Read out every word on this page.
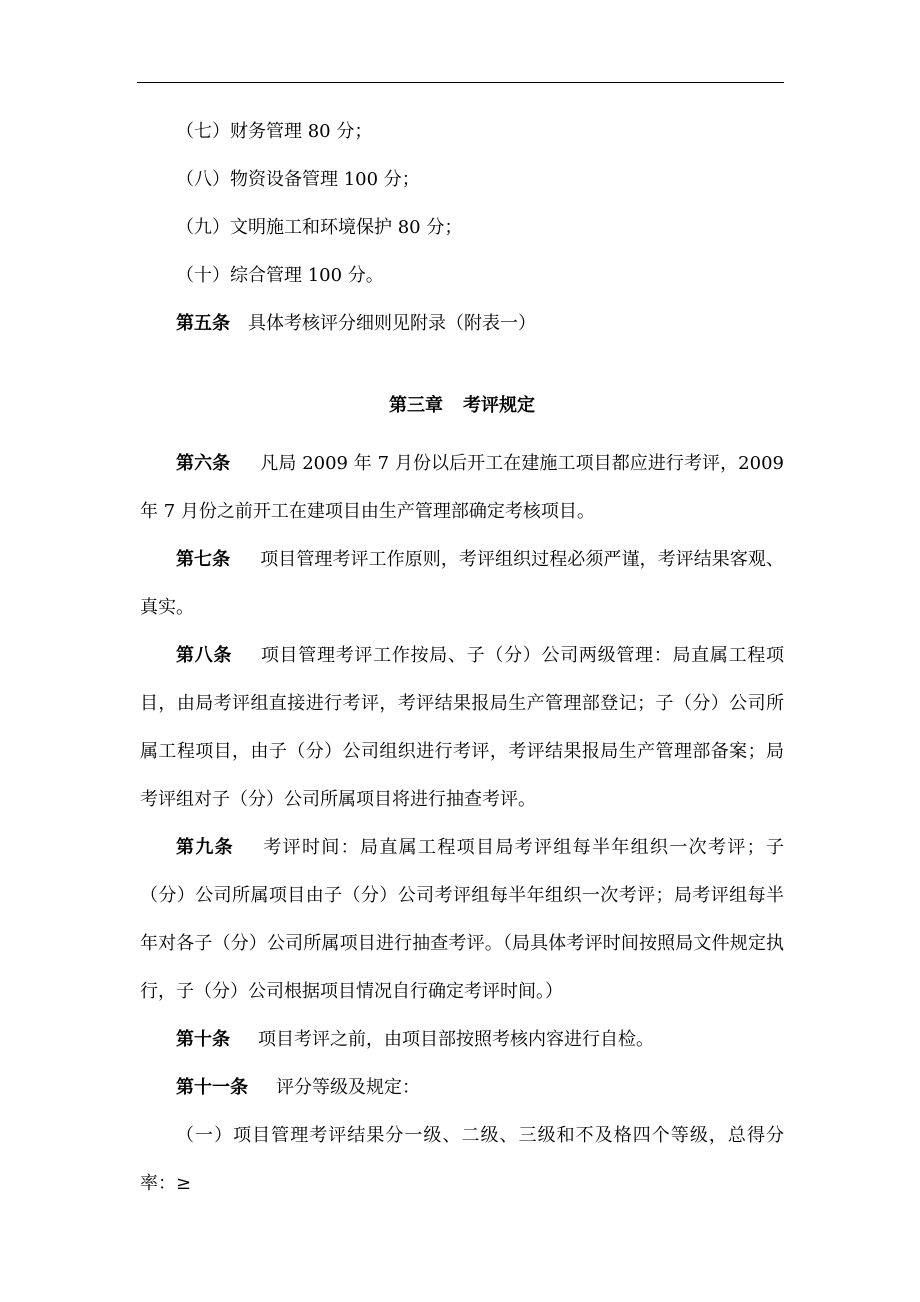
（七）财务管理 80 分；

（八）物资设备管理 100 分；

（九）文明施工和环境保护 80 分；

（十）综合管理 100 分。

第五条 具体考核评分细则见附录（附表一）

第三章 考评规定

第六条 凡局 2009 年 7 月份以后开工在建施工项目都应进行考评，2009 年 7 月份之前开工在建项目由生产管理部确定考核项目。

第七条 项目管理考评工作原则，考评组织过程必须严谨，考评结果客观、真实。

第八条 项目管理考评工作按局、子（分）公司两级管理：局直属工程项目，由局考评组直接进行考评，考评结果报局生产管理部登记；子（分）公司所属工程项目，由子（分）公司组织进行考评，考评结果报局生产管理部备案；局考评组对子（分）公司所属项目将进行抽查考评。

第九条 考评时间：局直属工程项目局考评组每半年组织一次考评；子（分）公司所属项目由子（分）公司考评组每半年组织一次考评；局考评组每半年对各子（分）公司所属项目进行抽查考评。（局具体考评时间按照局文件规定执行，子（分）公司根据项目情况自行确定考评时间。）

第十条 项目考评之前，由项目部按照考核内容进行自检。

第十一条 评分等级及规定：

（一）项目管理考评结果分一级、二级、三级和不及格四个等级，总得分率：≥
